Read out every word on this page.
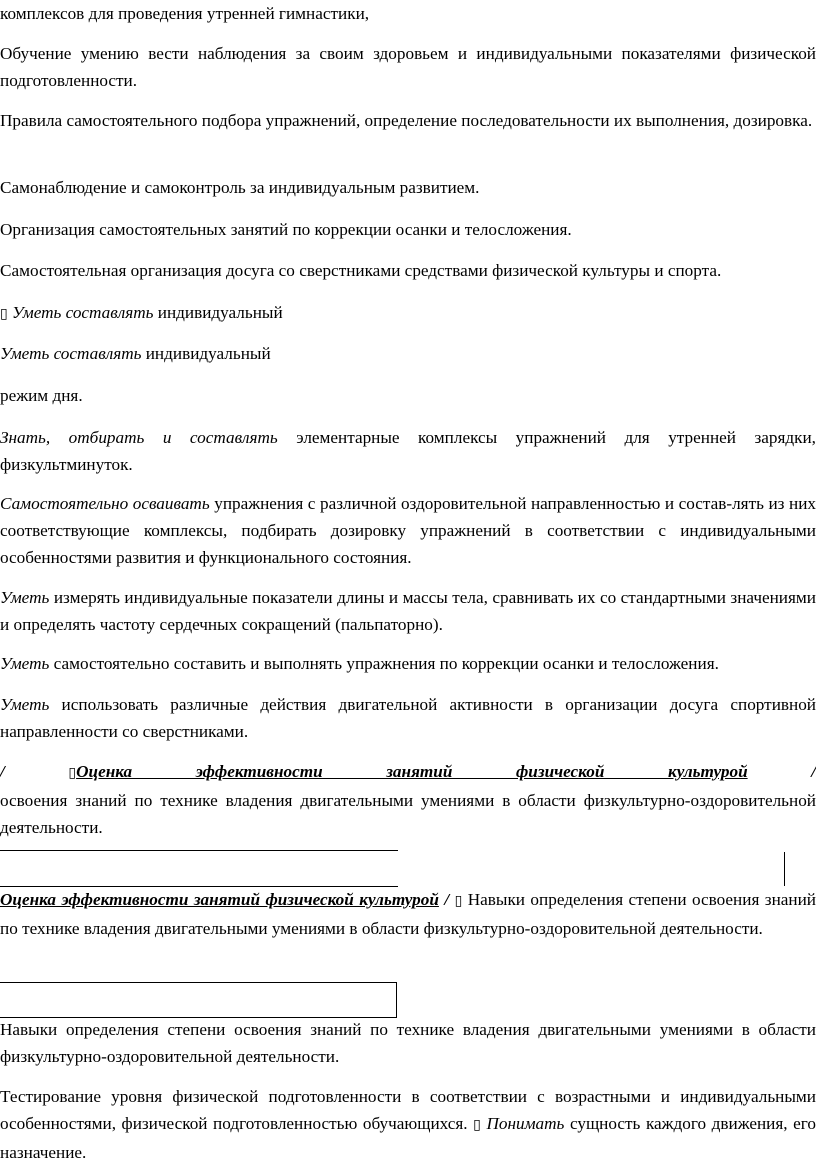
комплексов для проведения утренней гимнастики,

Обучение умению вести наблюдения за своим здоровьем и индивидуальными показателями физической подготовленности.

Правила самостоятельного подбора упражнений, определение последовательности их выполнения, дозировка.

Самонаблюдение и самоконтроль за индивидуальным развитием.

Организация самостоятельных занятий по коррекции осанки и телосложения.

Самостоятельная организация досуга со сверстниками средствами физической культуры и спорта.

▯ Уметь составлять индивидуальный

Уметь составлять индивидуальный

режим дня.

Знать, отбирать и составлять элементарные комплексы упражнений для утренней зарядки, физкультминуток.

Самостоятельно осваивать упражнения с различной оздоровительной направленностью и состав-лять из них соответствующие комплексы, подбирать дозировку упражнений в соответствии с индивидуальными особенностями развития и функционального состояния.

Уметь измерять индивидуальные показатели длины и массы тела, сравнивать их со стандартными значениями и определять частоту сердечных сокращений (пальпаторно).

Уметь самостоятельно составить и выполнять упражнения по коррекции осанки и телосложения.

Уметь использовать различные действия двигательной активности в организации досуга спортивной направленности со сверстниками.

/ ▯Оценка эффективности занятий физической культурой /
освоения знаний по технике владения двигательными умениями в области физкультурно-оздоровительной деятельности.

Оценка эффективности занятий физической культурой / ▯ Навыки определения степени освоения знаний по технике владения двигательными умениями в области физкультурно-оздоровительной деятельности.

Навыки определения степени освоения знаний по технике владения двигательными умениями в области физкультурно-оздоровительной деятельности.

Тестирование уровня физической подготовленности в соответствии с возрастными и индивидуальными особенностями, физической подготовленностью обучающихся. ▯ Понимать сущность каждого движения, его назначение.
